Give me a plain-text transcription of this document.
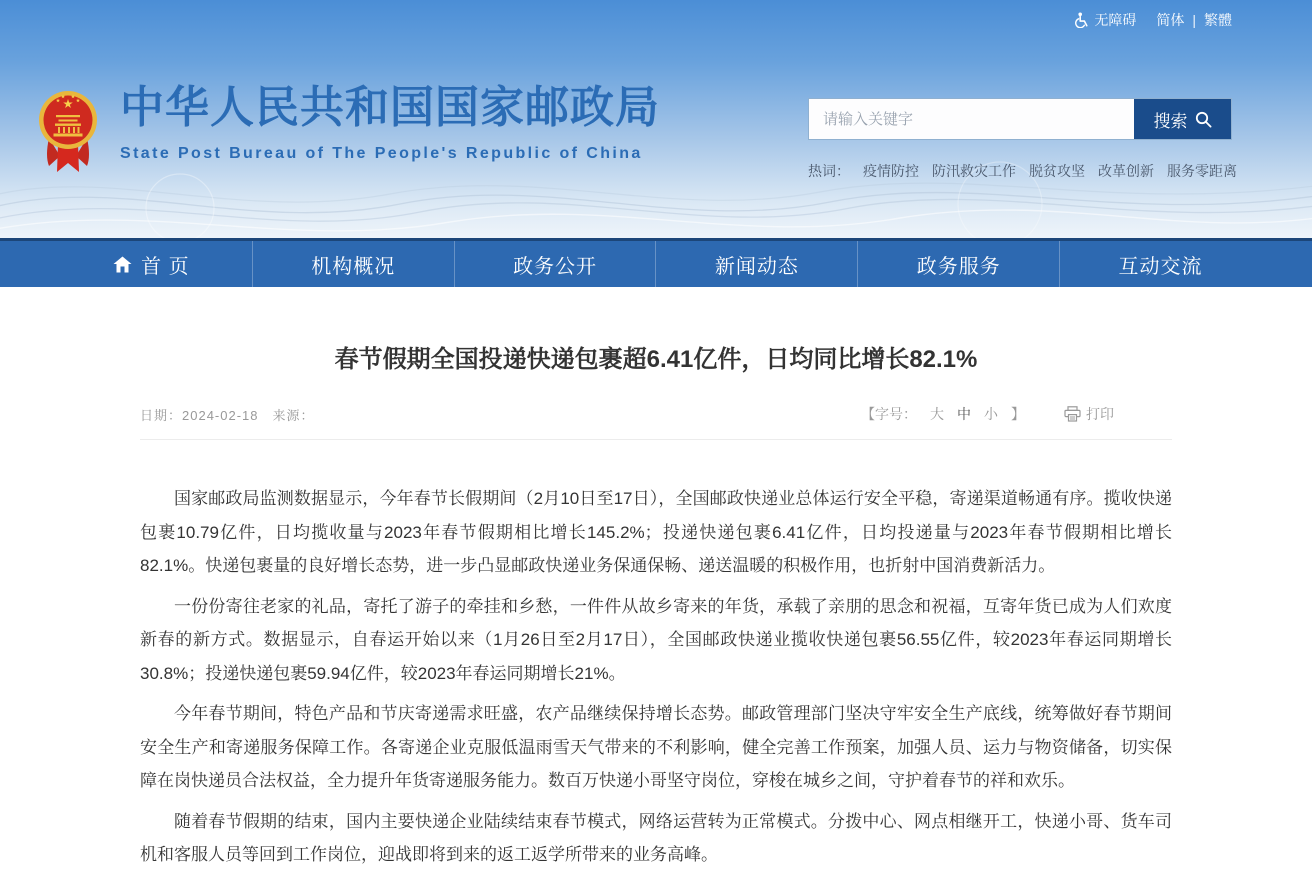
无障碍 简体 | 繁體
中华人民共和国国家邮政局
State Post Bureau of The People's Republic of China
请输入关键字
搜索
热词： 疫情防控 防汛救灾工作 脱贫攻坚 改革创新 服务零距离
首 页	机构概况	政务公开	新闻动态	政务服务	互动交流
春节假期全国投递快递包裹超6.41亿件，日均同比增长82.1%
日期：2024-02-18 来源：	【字号： 大 中 小 】	打印

国家邮政局监测数据显示，今年春节长假期间（2月10日至17日），全国邮政快递业总体运行安全平稳，寄递渠道畅通有序。揽收快递包裹10.79亿件，日均揽收量与2023年春节假期相比增长145.2%；投递快递包裹6.41亿件，日均投递量与2023年春节假期相比增长82.1%。快递包裹量的良好增长态势，进一步凸显邮政快递业务保通保畅、递送温暖的积极作用，也折射中国消费新活力。

一份份寄往老家的礼品，寄托了游子的牵挂和乡愁，一件件从故乡寄来的年货，承载了亲朋的思念和祝福，互寄年货已成为人们欢度新春的新方式。数据显示，自春运开始以来（1月26日至2月17日），全国邮政快递业揽收快递包裹56.55亿件，较2023年春运同期增长30.8%；投递快递包裹59.94亿件，较2023年春运同期增长21%。

今年春节期间，特色产品和节庆寄递需求旺盛，农产品继续保持增长态势。邮政管理部门坚决守牢安全生产底线，统筹做好春节期间安全生产和寄递服务保障工作。各寄递企业克服低温雨雪天气带来的不利影响，健全完善工作预案，加强人员、运力与物资储备，切实保障在岗快递员合法权益，全力提升年货寄递服务能力。数百万快递小哥坚守岗位，穿梭在城乡之间，守护着春节的祥和欢乐。

随着春节假期的结束，国内主要快递企业陆续结束春节模式，网络运营转为正常模式。分拨中心、网点相继开工，快递小哥、货车司机和客服人员等回到工作岗位，迎战即将到来的返工返学所带来的业务高峰。
